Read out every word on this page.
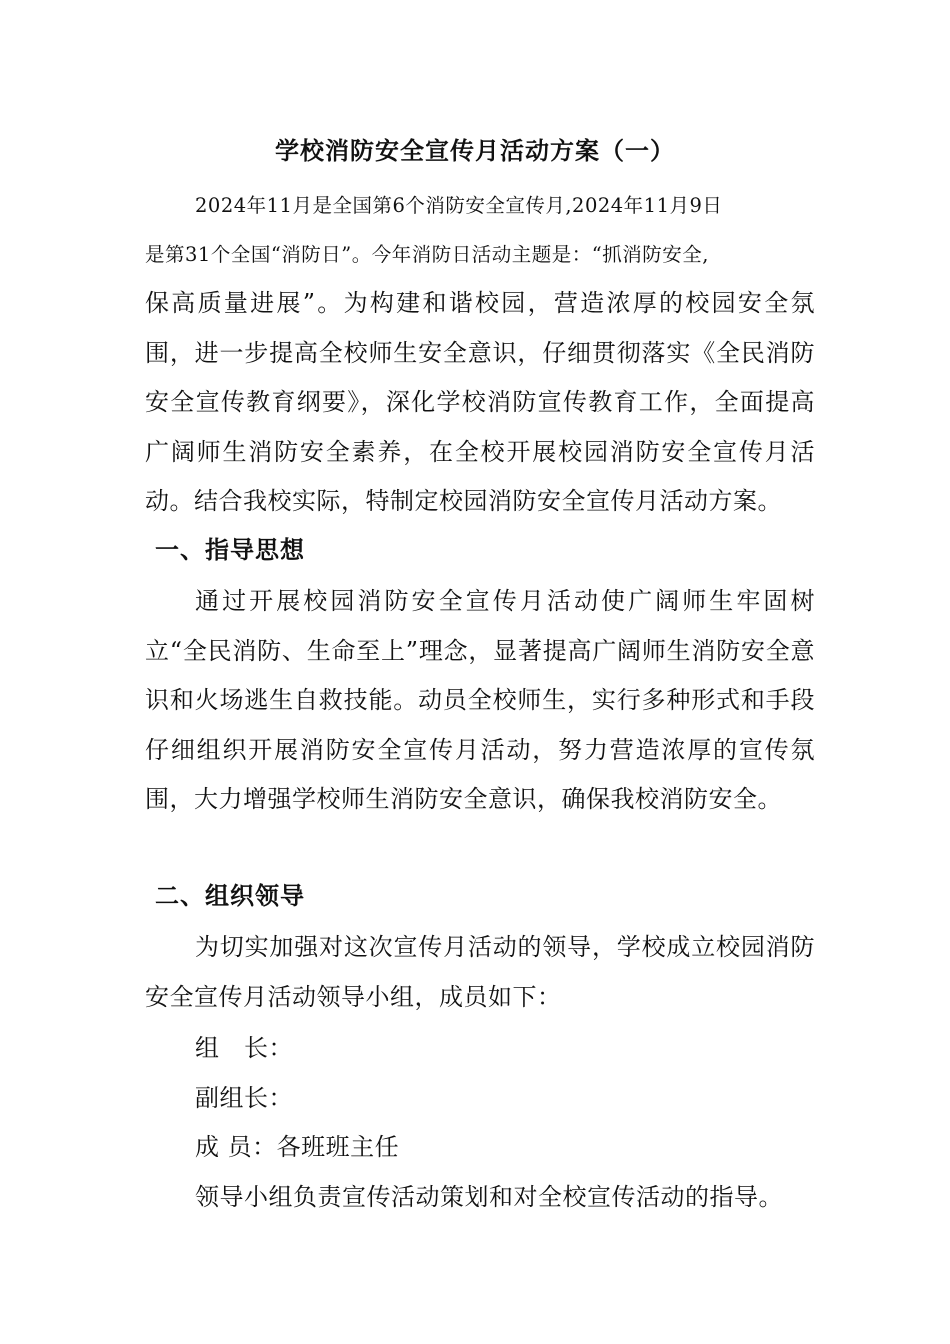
学校消防安全宣传月活动方案（一）

2024年11月是全国第6个消防安全宣传月,2024年11月9日

是第31个全国“消防日”。今年消防日活动主题是：“抓消防安全,

保高质量进展”。为构建和谐校园，营造浓厚的校园安全氛围，进一步提高全校师生安全意识，仔细贯彻落实《全民消防安全宣传教育纲要》，深化学校消防宣传教育工作，全面提高广阔师生消防安全素养，在全校开展校园消防安全宣传月活动。结合我校实际，特制定校园消防安全宣传月活动方案。

一、指导思想

通过开展校园消防安全宣传月活动使广阔师生牢固树立“全民消防、生命至上”理念，显著提高广阔师生消防安全意识和火场逃生自救技能。动员全校师生，实行多种形式和手段仔细组织开展消防安全宣传月活动，努力营造浓厚的宣传氛围，大力增强学校师生消防安全意识，确保我校消防安全。

二、组织领导

为切实加强对这次宣传月活动的领导，学校成立校园消防安全宣传月活动领导小组，成员如下：

组　长：

副组长：

成 员：各班班主任

领导小组负责宣传活动策划和对全校宣传活动的指导。
